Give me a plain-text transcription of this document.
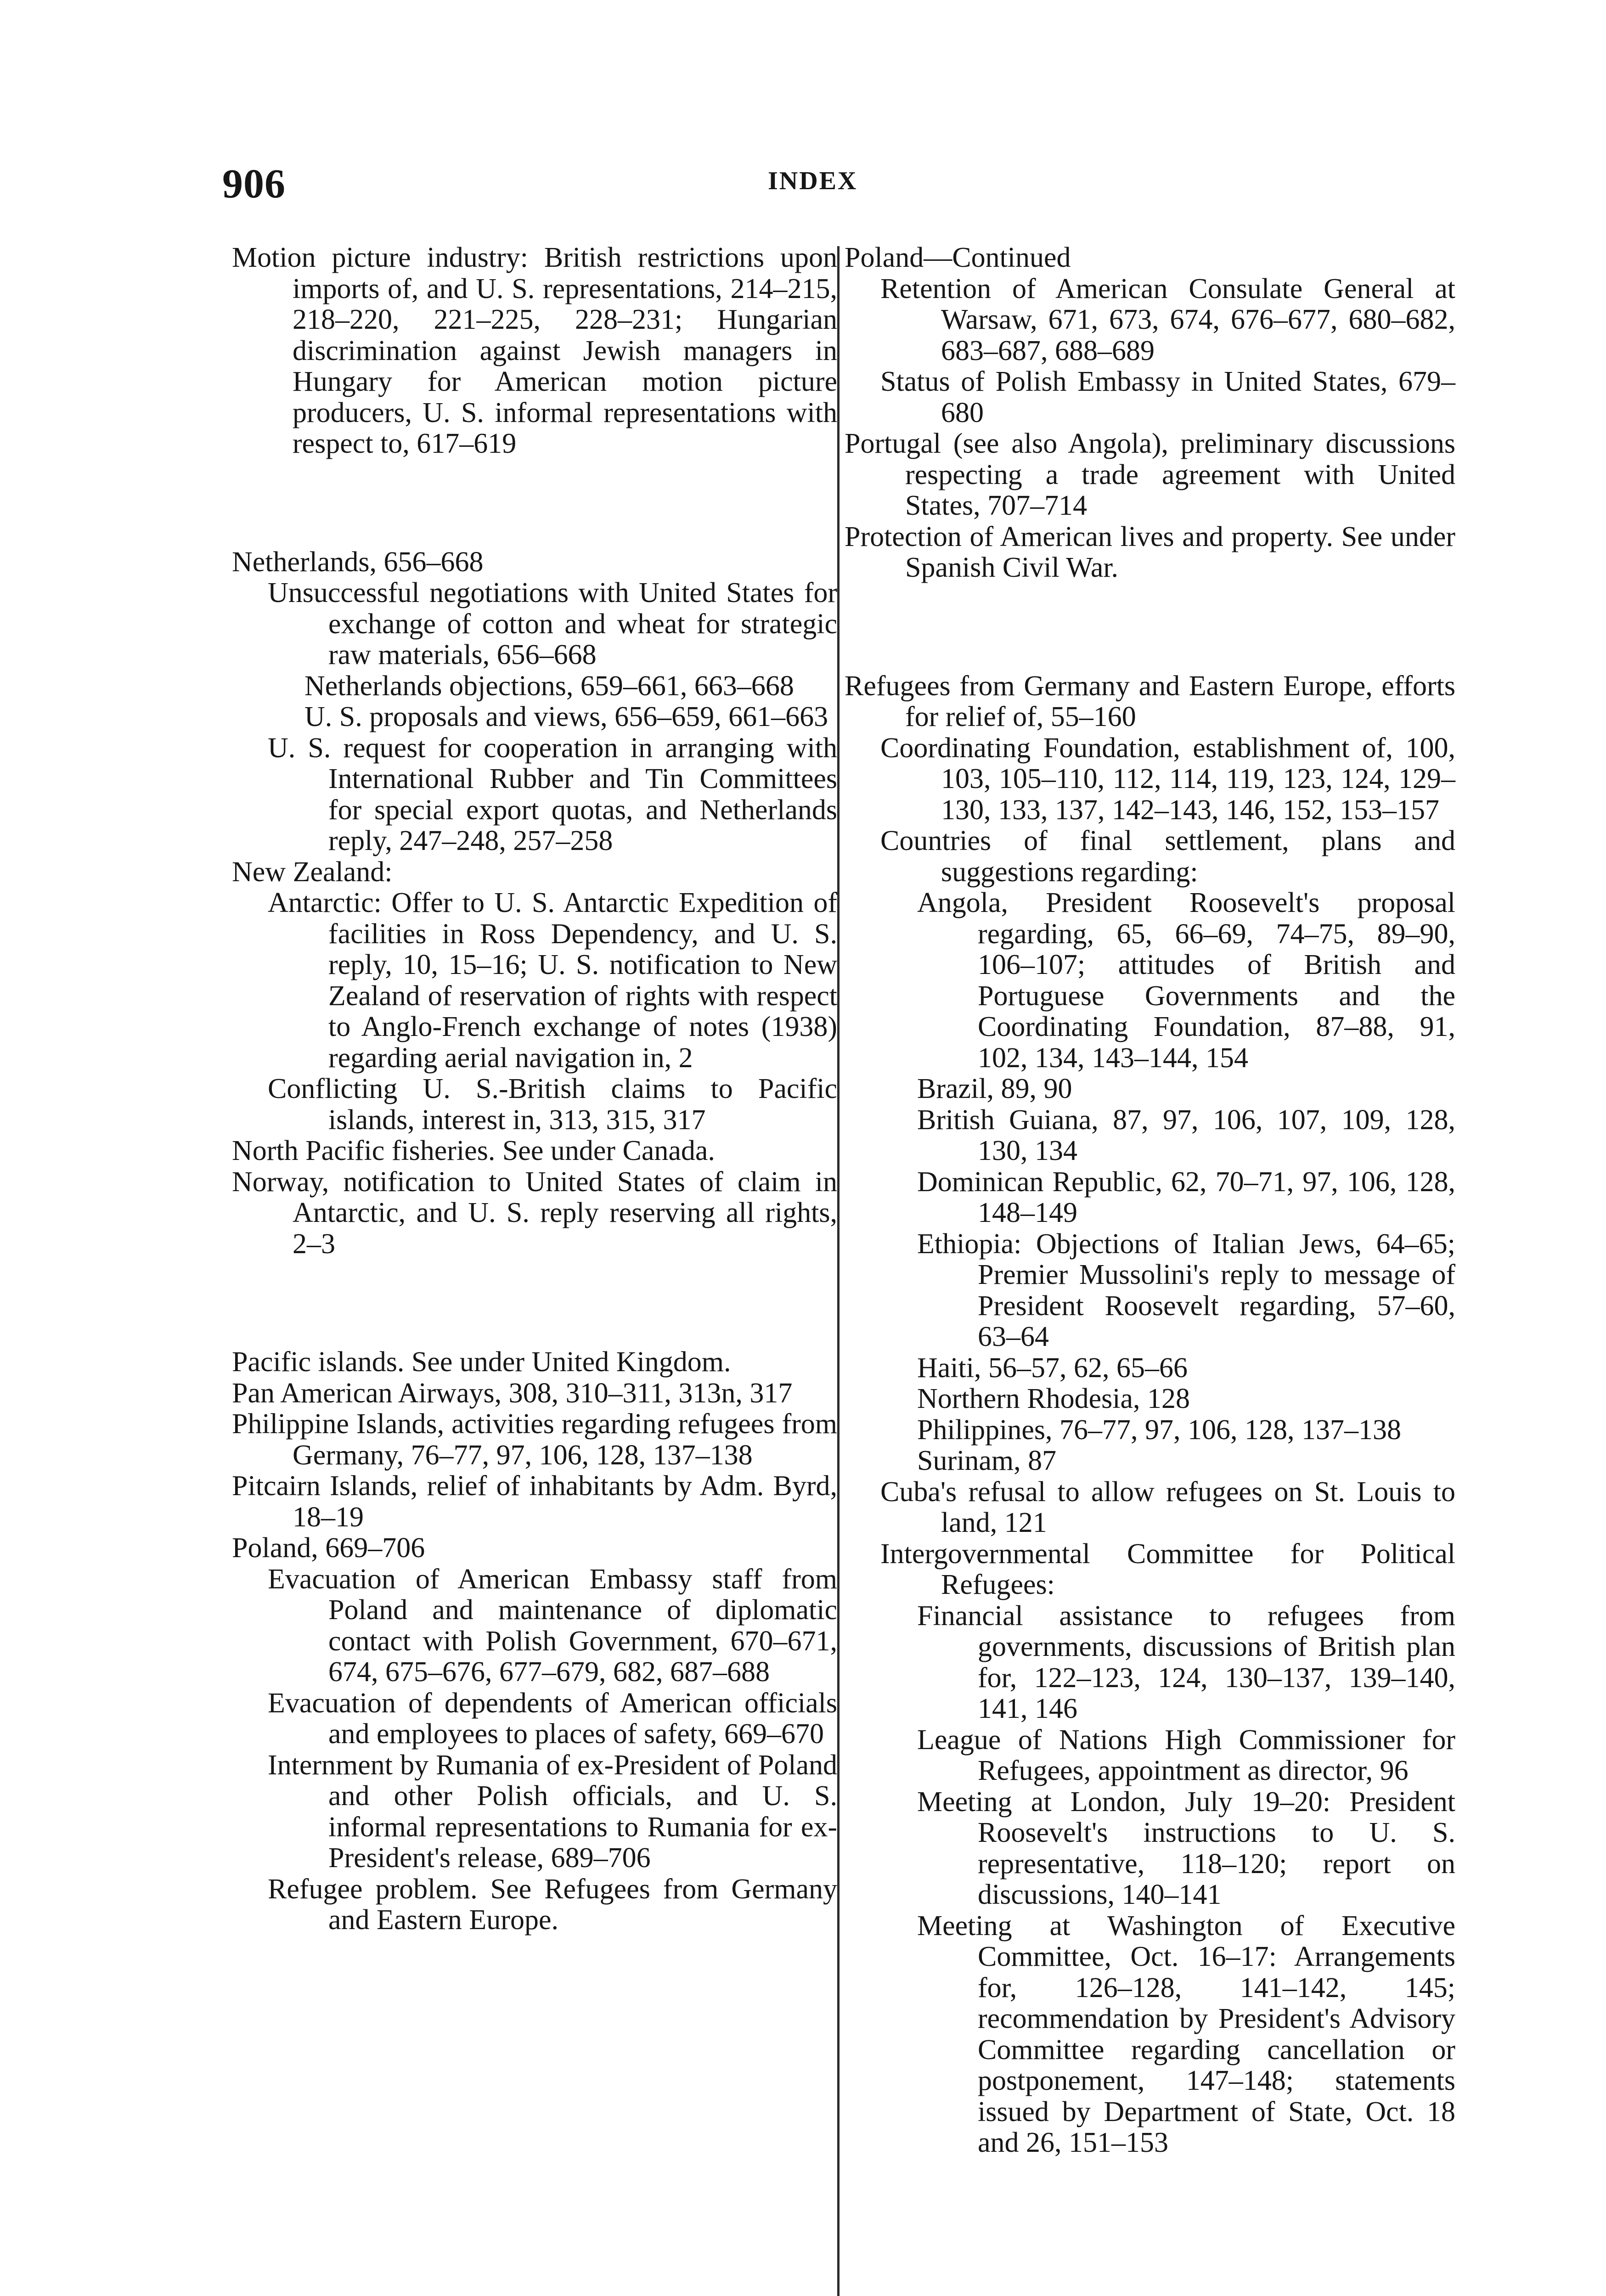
906	INDEX

Motion picture industry: British restrictions upon imports of, and U. S. representations, 214–215, 218–220, 221–225, 228–231; Hungarian discrimination against Jewish managers in Hungary for American motion picture producers, U. S. informal representations with respect to, 617–619

Netherlands, 656–668

Unsuccessful negotiations with United States for exchange of cotton and wheat for strategic raw materials, 656–668

Netherlands objections, 659–661, 663–668

U. S. proposals and views, 656–659, 661–663

U. S. request for cooperation in arranging with International Rubber and Tin Committees for special export quotas, and Netherlands reply, 247–248, 257–258

New Zealand:

Antarctic: Offer to U. S. Antarctic Expedition of facilities in Ross Dependency, and U. S. reply, 10, 15–16; U. S. notification to New Zealand of reservation of rights with respect to Anglo-French exchange of notes (1938) regarding aerial navigation in, 2

Conflicting U. S.-British claims to Pacific islands, interest in, 313, 315, 317

North Pacific fisheries. See under Canada.

Norway, notification to United States of claim in Antarctic, and U. S. reply reserving all rights, 2–3

Pacific islands. See under United Kingdom.

Pan American Airways, 308, 310–311, 313n, 317

Philippine Islands, activities regarding refugees from Germany, 76–77, 97, 106, 128, 137–138

Pitcairn Islands, relief of inhabitants by Adm. Byrd, 18–19

Poland, 669–706

Evacuation of American Embassy staff from Poland and maintenance of diplomatic contact with Polish Government, 670–671, 674, 675–676, 677–679, 682, 687–688

Evacuation of dependents of American officials and employees to places of safety, 669–670

Internment by Rumania of ex-President of Poland and other Polish officials, and U. S. informal representations to Rumania for ex-President's release, 689–706

Refugee problem. See Refugees from Germany and Eastern Europe.

Poland—Continued

Retention of American Consulate General at Warsaw, 671, 673, 674, 676–677, 680–682, 683–687, 688–689

Status of Polish Embassy in United States, 679–680

Portugal (see also Angola), preliminary discussions respecting a trade agreement with United States, 707–714

Protection of American lives and property. See under Spanish Civil War.

Refugees from Germany and Eastern Europe, efforts for relief of, 55–160

Coordinating Foundation, establishment of, 100, 103, 105–110, 112, 114, 119, 123, 124, 129–130, 133, 137, 142–143, 146, 152, 153–157

Countries of final settlement, plans and suggestions regarding:

Angola, President Roosevelt's proposal regarding, 65, 66–69, 74–75, 89–90, 106–107; attitudes of British and Portuguese Governments and the Coordinating Foundation, 87–88, 91, 102, 134, 143–144, 154

Brazil, 89, 90

British Guiana, 87, 97, 106, 107, 109, 128, 130, 134

Dominican Republic, 62, 70–71, 97, 106, 128, 148–149

Ethiopia: Objections of Italian Jews, 64–65; Premier Mussolini's reply to message of President Roosevelt regarding, 57–60, 63–64

Haiti, 56–57, 62, 65–66

Northern Rhodesia, 128

Philippines, 76–77, 97, 106, 128, 137–138

Surinam, 87

Cuba's refusal to allow refugees on St. Louis to land, 121

Intergovernmental Committee for Political Refugees:

Financial assistance to refugees from governments, discussions of British plan for, 122–123, 124, 130–137, 139–140, 141, 146

League of Nations High Commissioner for Refugees, appointment as director, 96

Meeting at London, July 19–20: President Roosevelt's instructions to U. S. representative, 118–120; report on discussions, 140–141

Meeting at Washington of Executive Committee, Oct. 16–17: Arrangements for, 126–128, 141–142, 145; recommendation by President's Advisory Committee regarding cancellation or postponement, 147–148; statements issued by Department of State, Oct. 18 and 26, 151–153
